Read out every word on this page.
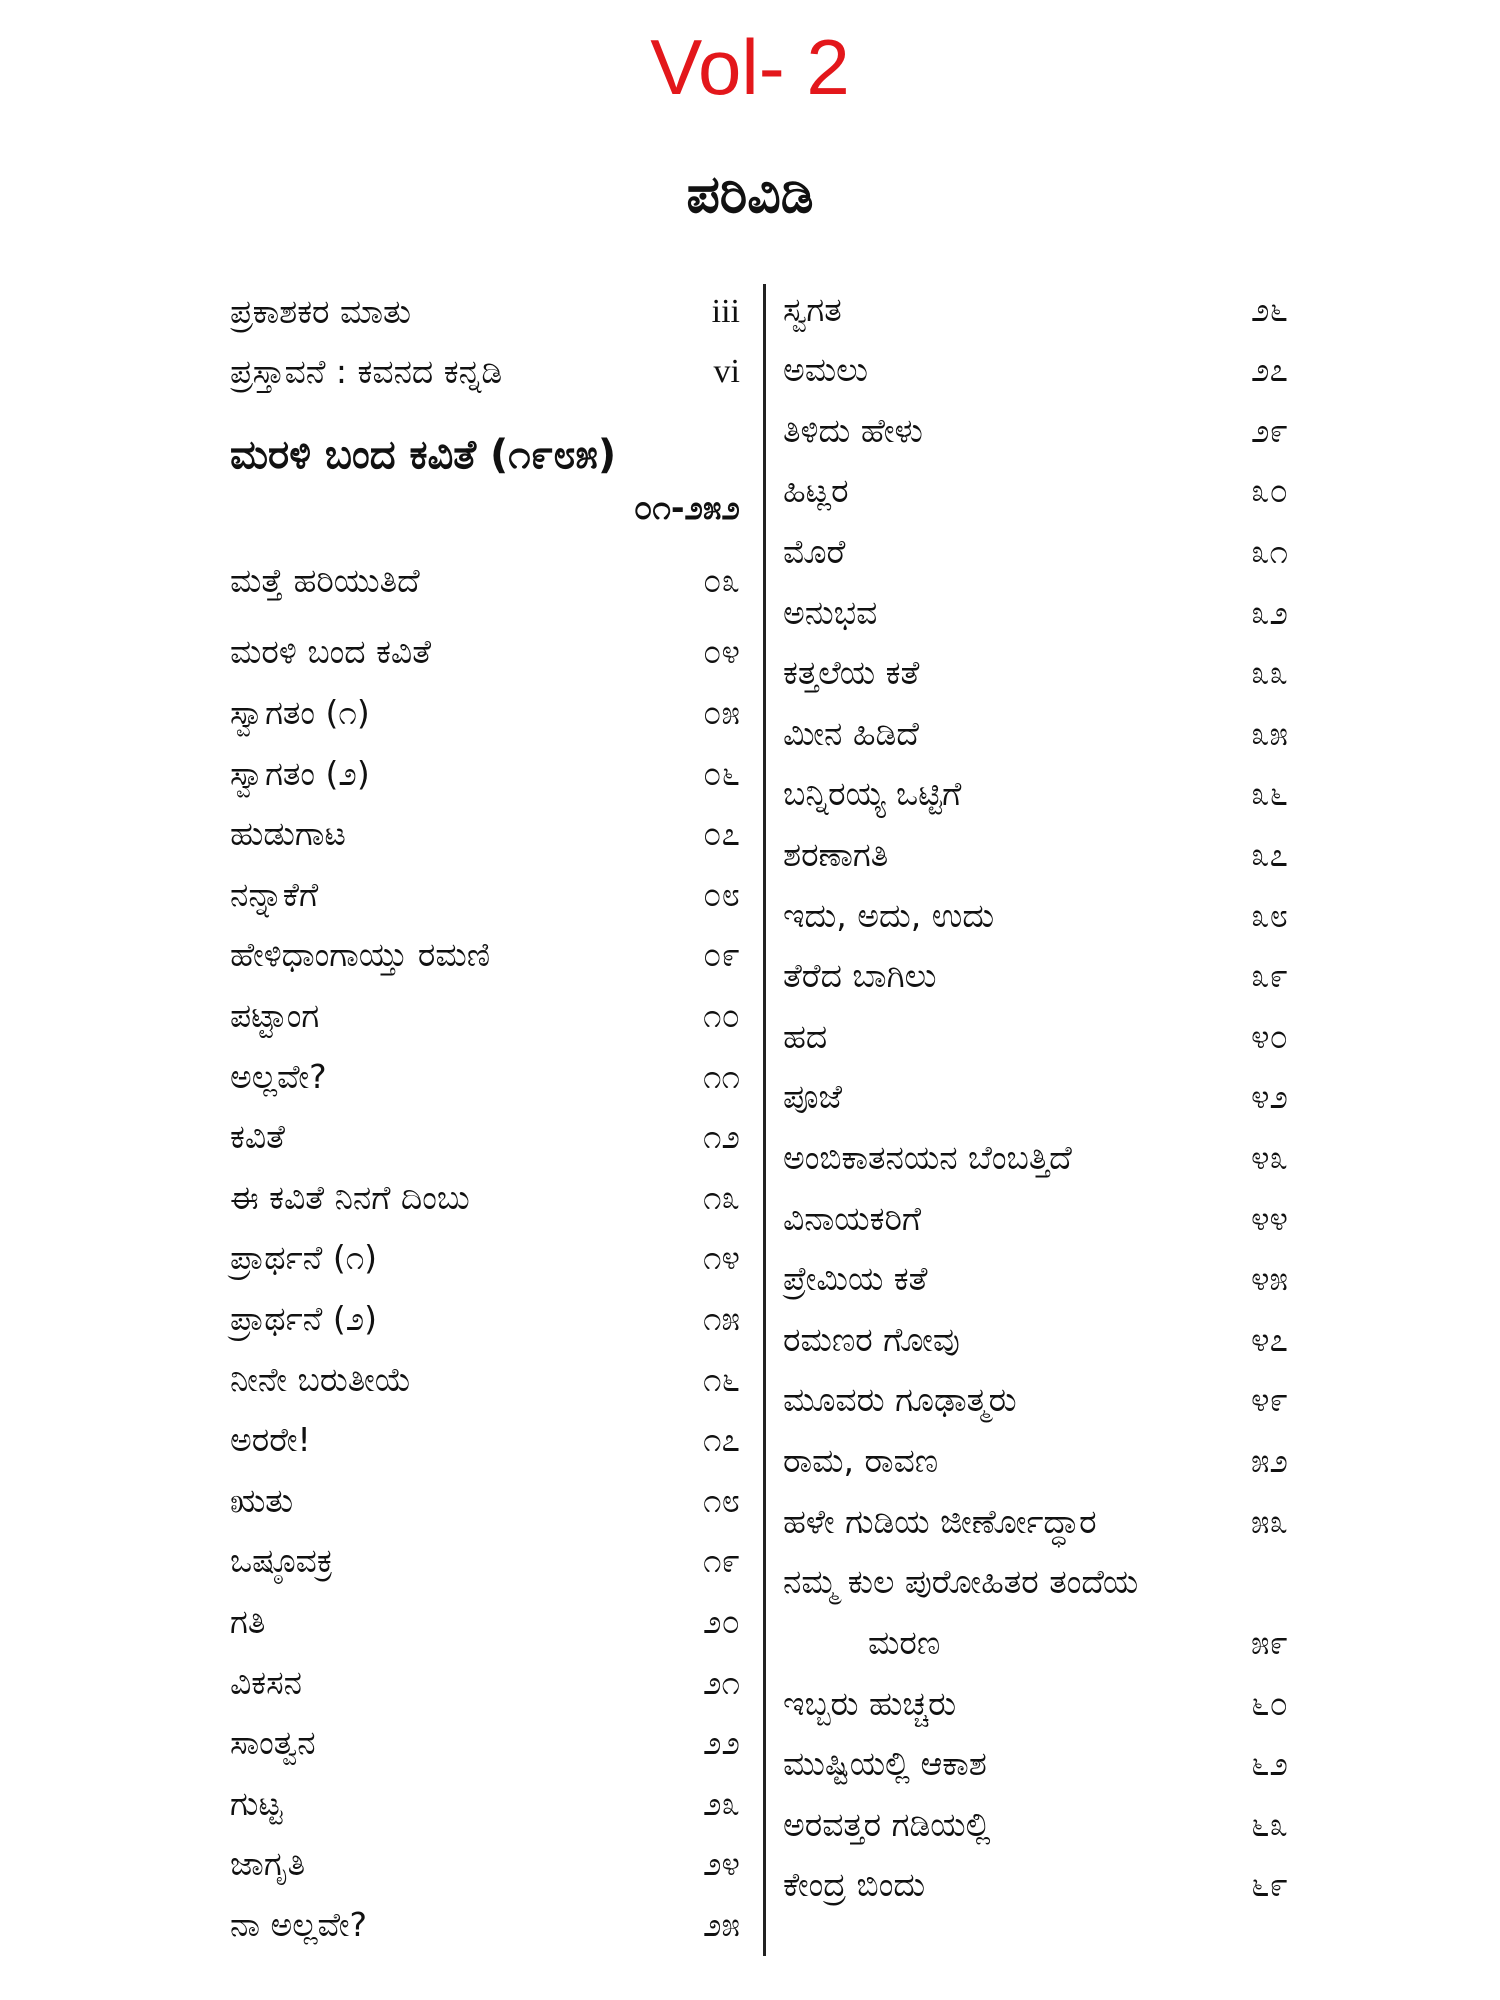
Vol- 2
ಪರಿವಿಡಿ
ಪ್ರಕಾಶಕರ ಮಾತು	iii
ಪ್ರಸ್ತಾವನೆ : ಕವನದ ಕನ್ನಡಿ	vi
ಮರಳಿ ಬಂದ ಕವಿತೆ (೧೯೮೫)
೦೧-೨೫೨
ಮತ್ತೆ ಹರಿಯುತಿದೆ	೦೩
ಮರಳಿ ಬಂದ ಕವಿತೆ	೦೪
ಸ್ವಾಗತಂ (೧)	೦೫
ಸ್ವಾಗತಂ (೨)	೦೬
ಹುಡುಗಾಟ	೦೭
ನನ್ನಾಕೆಗೆ	೦೮
ಹೇಳಿಧಾಂಗಾಯ್ತು ರಮಣಿ	೦೯
ಪಟ್ಟಾಂಗ	೧೦
ಅಲ್ಲವೇ?	೧೧
ಕವಿತೆ	೧೨
ಈ ಕವಿತೆ ನಿನಗೆ ದಿಂಬು	೧೩
ಪ್ರಾರ್ಥನೆ (೧)	೧೪
ಪ್ರಾರ್ಥನೆ (೨)	೧೫
ನೀನೇ ಬರುತೀಯೆ	೧೬
ಅರರೇ!	೧೭
ಋತು	೧೮
ಒಷ್ಠೂವಕ್ರ	೧೯
ಗತಿ	೨೦
ವಿಕಸನ	೨೧
ಸಾಂತ್ವನ	೨೨
ಗುಟ್ಟ	೨೩
ಜಾಗೃತಿ	೨೪
ನಾ ಅಲ್ಲವೇ?	೨೫
ಸ್ವಗತ	೨೬
ಅಮಲು	೨೭
ತಿಳಿದು ಹೇಳು	೨೯
ಹಿಟ್ಲರ	೩೦
ಮೊರೆ	೩೧
ಅನುಭವ	೩೨
ಕತ್ತಲೆಯ ಕತೆ	೩೩
ಮೀನ ಹಿಡಿದೆ	೩೫
ಬನ್ನಿರಯ್ಯ ಒಟ್ಟಿಗೆ	೩೬
ಶರಣಾಗತಿ	೩೭
ಇದು, ಅದು, ಉದು	೩೮
ತೆರೆದ ಬಾಗಿಲು	೩೯
ಹದ	೪೦
ಪೂಜೆ	೪೨
ಅಂಬಿಕಾತನಯನ ಬೆಂಬತ್ತಿದೆ	೪೩
ವಿನಾಯಕರಿಗೆ	೪೪
ಪ್ರೇಮಿಯ ಕತೆ	೪೫
ರಮಣರ ಗೋವು	೪೭
ಮೂವರು ಗೂಢಾತ್ಮರು	೪೯
ರಾಮ, ರಾವಣ	೫೨
ಹಳೇ ಗುಡಿಯ ಜೀರ್ಣೋದ್ಧಾರ	೫೩
ನಮ್ಮ ಕುಲ ಪುರೋಹಿತರ ತಂದೆಯ
ಮರಣ	೫೯
ಇಬ್ಬರು ಹುಚ್ಚರು	೬೦
ಮುಷ್ಟಿಯಲ್ಲಿ ಆಕಾಶ	೬೨
ಅರವತ್ತರ ಗಡಿಯಲ್ಲಿ	೬೩
ಕೇಂದ್ರ ಬಿಂದು	೬೯
